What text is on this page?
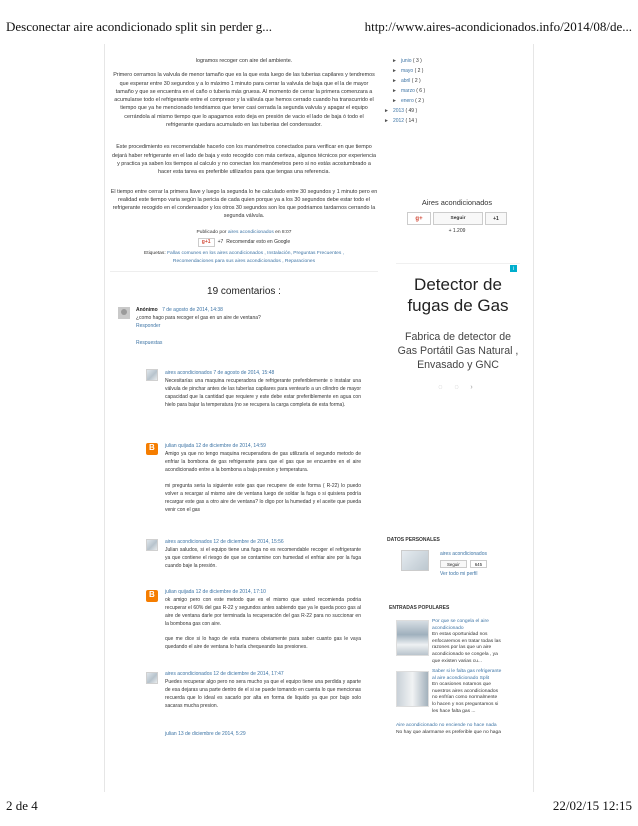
Desconectar aire acondicionado split sin perder g...	http://www.aires-acondicionados.info/2014/08/de...

logramos recoger con aire del ambiente.

Primero cerramos la valvula de menor tamaño que es la que esta luego de las tuberias capilares y tendremos que esperar entre 30 segundos y a lo máximo 1 minuto para cerrar la valvula de baja que el la de mayor tamaño y que se encuentra en el caño o tuberia más gruesa. Al momento de cerrar la primera comenzara a acumularse todo el refrigerante entre el compresor y la válvula que hemos cerrado cuando ha transcurrido el tiempo que ya he mencionado tendriamos que tener casi cerrada la segunda valvula y apagar el equipo cerrándola al mismo tiempo que lo apagamos esto deja en presión de vacio el lado de baja ó todo el refrigerante quedara acumulado en las tuberias del condensador.

Este procedimiento es recomendable hacerlo con los manómetros conectados para verificar en que tiempo dejará haber refrigerante en el lado de baja y esto recogido con más certeza, algunos técnicos por experiencia y practica ya saben los tiempos al calculo y no conectan los manómetros pero si no estás acostumbrado a hacer esta tarea es preferible utilizarlos para que tengas una referencia.

El tiempo entre cerrar la primera llave y luego la segunda lo he calculado entre 30 segundos y 1 minuto pero en realidad este tiempo varia según la pericia de cada quien porque ya a los 30 segundos debe estar todo el refrigerante recogido en el condensador y los otros 30 segundos son los que podriamos tardarnos cerrando la segunda válvula.

Publicado por aires acondicionados en 8:07
g+1	+7 Recomendar esto en Google
Etiquetas: Fallas comunes en los aires acondicionados , Instalación, Preguntas Frecuentes ,
Recomendaciones para sus aires acondicionados , Reparaciones
19 comentarios :
Anónimo 7 de agosto de 2014, 14:38
¿como hago para recoger el gas en un aire de ventana?
Responder
Respuestas
aires acondicionados 7 de agosto de 2014, 15:48
Necesitarías una maquina recuperadora de refrigerante preferiblemente o instalar una válvula de pinchar antes de las tuberías capilares para ventearlo a un cilindro de mayor capacidad que la cantidad que requiere y este debe estar preferiblemente en agua con hielo para bajar la temperatura (no se recupera la carga completa de esta forma).
B
julian quijada 12 de diciembre de 2014, 14:59
Amigo ya que no tengo maquina recuperadora de gas utilizaría el segundo metodo de enfriar la bombona de gas refrigerante para que el gas que se encuentre en el aire acondicionado entre a la bombona a baja presion y temperatura.
mi pregunta seria la siguiente este gas que recupere de este forma ( R-22) lo puedo volver a recargar al mismo aire de ventana luego de soldar la fuga o si quisiera podría recargar este gas a otro aire de ventana? lo digo por la humedad y el aceite que pueda venir con el gas
aires acondicionados 12 de diciembre de 2014, 15:56
Julian saludos, si el equipo tiene una fuga no es recomendable recoger el refrigerante ya que contiene el riesgo de que se contamine con humedad el enfriar aire por la fuga cuando baje la presión.
B
julian quijada 12 de diciembre de 2014, 17:10
ok amigo pero con este metodo que es el mismo que usted recomienda podria recuperar el 60% del gas R-22 y segundos antes sabiendo que ya le queda poco gas al aire de ventana darle por terminada la recuperación del gas R-22 para no succionar en la bombona gas con aire.
que me dice si lo hago de esta manera obviamente para saber cuanto gas le vaya quedando el aire de ventana lo haría chequeando las presiones.
aires acondicionados 12 de diciembre de 2014, 17:47
Puedes recuperar algo pero no sera mucho ya que el equipo tiene una perdida y aparte de esa dejaras una parte dentro de el si se puede tomando en cuenta lo que mencionas recuerda que lo ideal es sacarlo por alta en forma de liquido ya que por bajo solo sacaras mucha presion.
julian 13 de diciembre de 2014, 5:29
► junio ( 3 )
► mayo ( 2 )
► abril ( 2 )
► marzo ( 6 )
► enero ( 2 )
► 2013 ( 49 )
► 2012 ( 14 )
Aires acondicionados
g+	Seguir	+1
+ 1.209
i
Detector de fugas de Gas
Fabrica de detector de Gas Portátil Gas Natural , Envasado y GNC
◌ ◌ ›
DATOS PERSONALES
aires acondicionados
Seguir	645
Ver todo mi perfil
ENTRADAS POPULARES
Por que se congela el aire acondicionado
En estas oportunidad nos enfocaremos en tratar todas las razones por las que un aire acondicionado se congela , ya que existen varias cu...
Saber si le falta gas refrigerante al aire acondicionado Split
En ocasiones notamos que nuestros aires acondicionados no enfrían como normalmente lo hacen y nos preguntamos si les hace falta gas ...
Aire acondicionado no enciende no hace nada
No hay que alarmarse es preferible que no haga
2 de 4	22/02/15 12:15
